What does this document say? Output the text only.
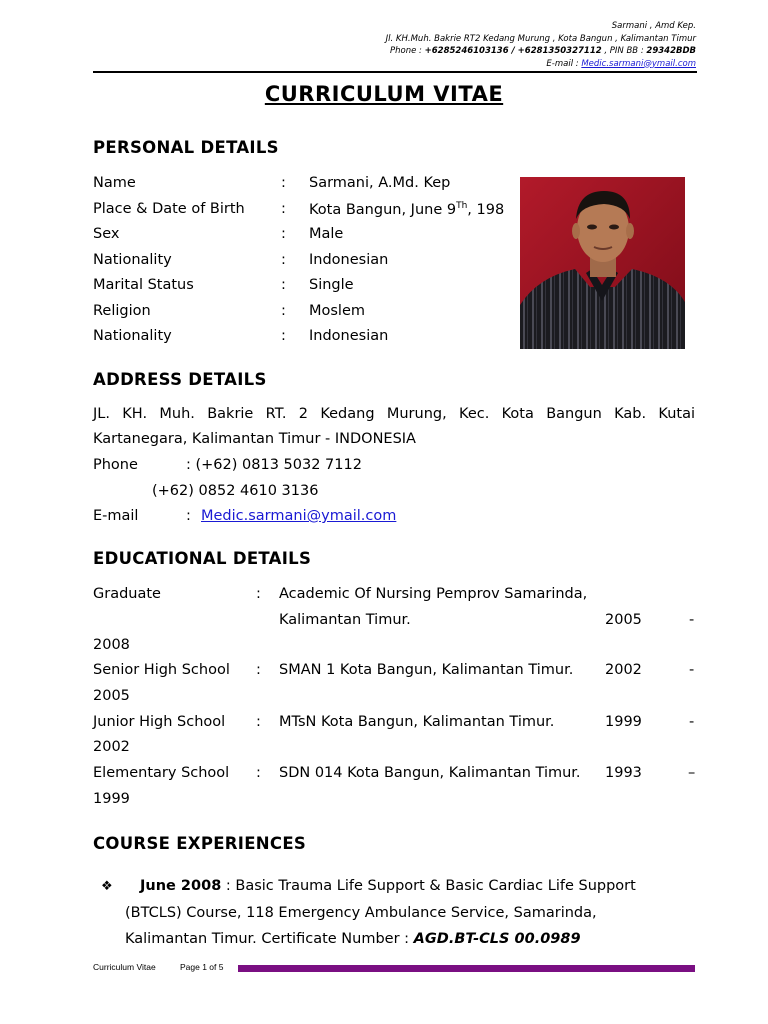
Sarmani , Amd Kep.
Jl. KH.Muh. Bakrie RT2 Kedang Murung , Kota Bangun , Kalimantan Timur
Phone : +6285246103136 / +6281350327112 , PIN BB : 29342BDB
E-mail : Medic.sarmani@ymail.com
CURRICULUM VITAE
PERSONAL DETAILS
Name	: Sarmani, A.Md. Kep
Place & Date of Birth	: Kota Bangun, June 9Th, 198
Sex	: Male
Nationality	: Indonesian
Marital Status	: Single
Religion	: Moslem
Nationality	: Indonesian
ADDRESS DETAILS
JL. KH. Muh. Bakrie RT. 2 Kedang Murung, Kec. Kota Bangun Kab. Kutai
Kartanegara, Kalimantan Timur - INDONESIA
Phone	: (+62) 0813 5032 7112
(+62) 0852 4610 3136
E-mail	: Medic.sarmani@ymail.com
EDUCATIONAL DETAILS
Graduate	: Academic Of Nursing Pemprov Samarinda,
Kalimantan Timur.	2005	-
2008
Senior High School : SMAN 1 Kota Bangun, Kalimantan Timur. 2002	-
2005
Junior High School : MTsN Kota Bangun, Kalimantan Timur.	1999	-
2002
Elementary School : SDN 014 Kota Bangun, Kalimantan Timur. 1993	–
1999
COURSE EXPERIENCES
❖ June 2008 : Basic Trauma Life Support & Basic Cardiac Life Support
(BTCLS) Course, 118 Emergency Ambulance Service, Samarinda,
Kalimantan Timur. Certificate Number : AGD.BT-CLS 00.0989
Curriculum Vitae	Page 1 of 5
